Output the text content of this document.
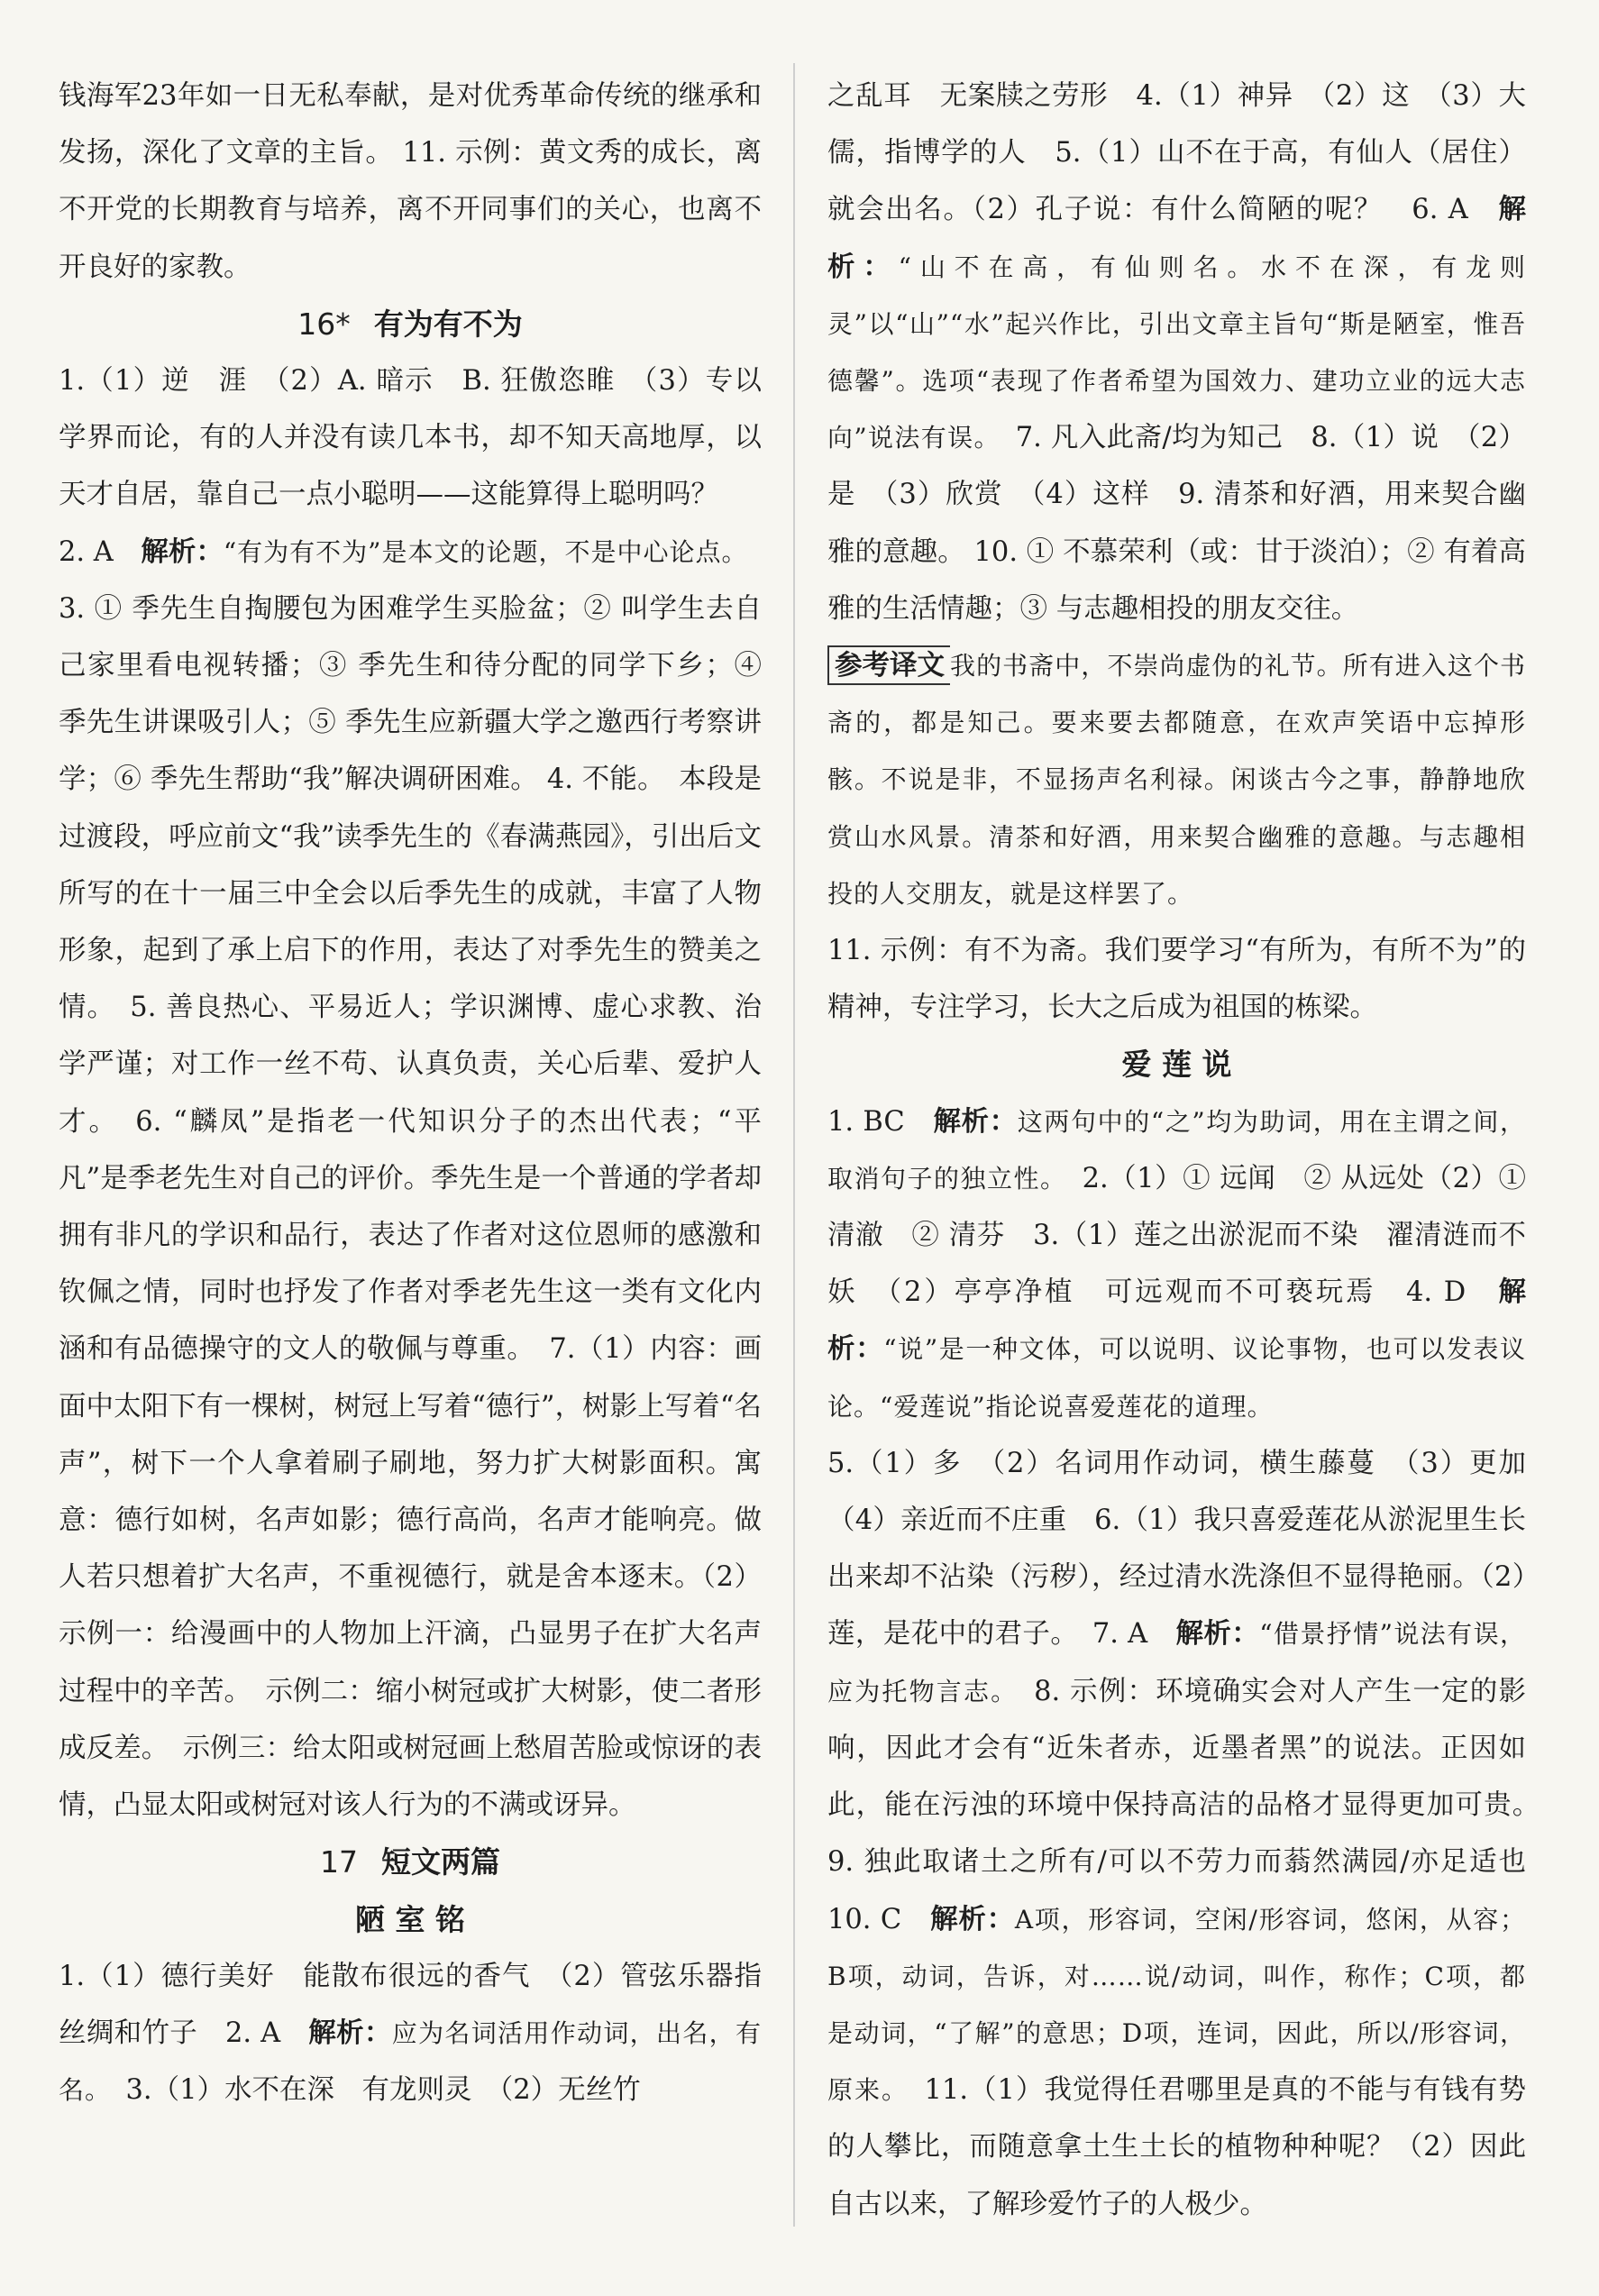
钱海军23年如一日无私奉献，是对优秀革命传统的继承和发扬，深化了文章的主旨。 11. 示例：黄文秀的成长，离不开党的长期教育与培养，离不开同事们的关心，也离不开良好的家教。

16* 有为有不为

1.（1）逆　涯　（2）A. 暗示　B. 狂傲恣睢　（3）专以学界而论，有的人并没有读几本书，却不知天高地厚，以天才自居，靠自己一点小聪明——这能算得上聪明吗？

2. A　解析：“有为有不为”是本文的论题，不是中心论点。　3. ① 季先生自掏腰包为困难学生买脸盆；② 叫学生去自己家里看电视转播；③ 季先生和待分配的同学下乡；④ 季先生讲课吸引人；⑤ 季先生应新疆大学之邀西行考察讲学；⑥ 季先生帮助“我”解决调研困难。 4. 不能。　本段是过渡段，呼应前文“我”读季先生的《春满燕园》，引出后文所写的在十一届三中全会以后季先生的成就，丰富了人物形象，起到了承上启下的作用，表达了对季先生的赞美之情。　5. 善良热心、平易近人；学识渊博、虚心求教、治学严谨；对工作一丝不苟、认真负责，关心后辈、爱护人才。　6. “麟凤”是指老一代知识分子的杰出代表；“平凡”是季老先生对自己的评价。季先生是一个普通的学者却拥有非凡的学识和品行，表达了作者对这位恩师的感激和钦佩之情，同时也抒发了作者对季老先生这一类有文化内涵和有品德操守的文人的敬佩与尊重。　7.（1）内容：画面中太阳下有一棵树，树冠上写着“德行”，树影上写着“名声”，树下一个人拿着刷子刷地，努力扩大树影面积。寓意：德行如树，名声如影；德行高尚，名声才能响亮。做人若只想着扩大名声，不重视德行，就是舍本逐末。（2）示例一：给漫画中的人物加上汗滴，凸显男子在扩大名声过程中的辛苦。　示例二：缩小树冠或扩大树影，使二者形成反差。　示例三：给太阳或树冠画上愁眉苦脸或惊讶的表情，凸显太阳或树冠对该人行为的不满或讶异。

17 短文两篇

陋 室 铭

1.（1）德行美好　能散布很远的香气　（2）管弦乐器指丝绸和竹子　2. A　解析：应为名词活用作动词，出名，有名。　3.（1）水不在深　有龙则灵　（2）无丝竹

之乱耳　无案牍之劳形　4.（1）神异　（2）这　（3）大儒，指博学的人　5.（1）山不在于高，有仙人（居住）就会出名。（2）孔子说：有什么简陋的呢？　6. A　解析：“山不在高，有仙则名。水不在深，有龙则灵”以“山”“水”起兴作比，引出文章主旨句“斯是陋室，惟吾德馨”。选项“表现了作者希望为国效力、建功立业的远大志向”说法有误。　7. 凡入此斋/均为知己　8.（1）说　（2）是　（3）欣赏　（4）这样　9. 清茶和好酒，用来契合幽雅的意趣。 10. ① 不慕荣利（或：甘于淡泊）；② 有着高雅的生活情趣；③ 与志趣相投的朋友交往。

参考译文 我的书斋中，不崇尚虚伪的礼节。所有进入这个书斋的，都是知己。要来要去都随意，在欢声笑语中忘掉形骸。不说是非，不显扬声名利禄。闲谈古今之事，静静地欣赏山水风景。清茶和好酒，用来契合幽雅的意趣。与志趣相投的人交朋友，就是这样罢了。

11. 示例：有不为斋。我们要学习“有所为，有所不为”的精神，专注学习，长大之后成为祖国的栋梁。

爱 莲 说

1. BC　解析：这两句中的“之”均为助词，用在主谓之间，取消句子的独立性。　2.（1）① 远闻　② 从远处（2）① 清澈　② 清芬　3.（1）莲之出淤泥而不染　濯清涟而不妖　（2）亭亭净植　可远观而不可亵玩焉　4. D　解析：“说”是一种文体，可以说明、议论事物，也可以发表议论。“爱莲说”指论说喜爱莲花的道理。

5.（1）多　（2）名词用作动词，横生藤蔓　（3）更加（4）亲近而不庄重　6.（1）我只喜爱莲花从淤泥里生长出来却不沾染（污秽），经过清水洗涤但不显得艳丽。（2）莲，是花中的君子。　7. A　解析：“借景抒情”说法有误，应为托物言志。　8. 示例：环境确实会对人产生一定的影响，因此才会有“近朱者赤，近墨者黑”的说法。正因如此，能在污浊的环境中保持高洁的品格才显得更加可贵。　9. 独此取诸土之所有/可以不劳力而蓊然满园/亦足适也　10. C　解析：A项，形容词，空闲/形容词，悠闲，从容；B项，动词，告诉，对……说/动词，叫作，称作；C项，都是动词，“了解”的意思；D项，连词，因此，所以/形容词，原来。　11.（1）我觉得任君哪里是真的不能与有钱有势的人攀比，而随意拿土生土长的植物种种呢？（2）因此自古以来，了解珍爱竹子的人极少。
